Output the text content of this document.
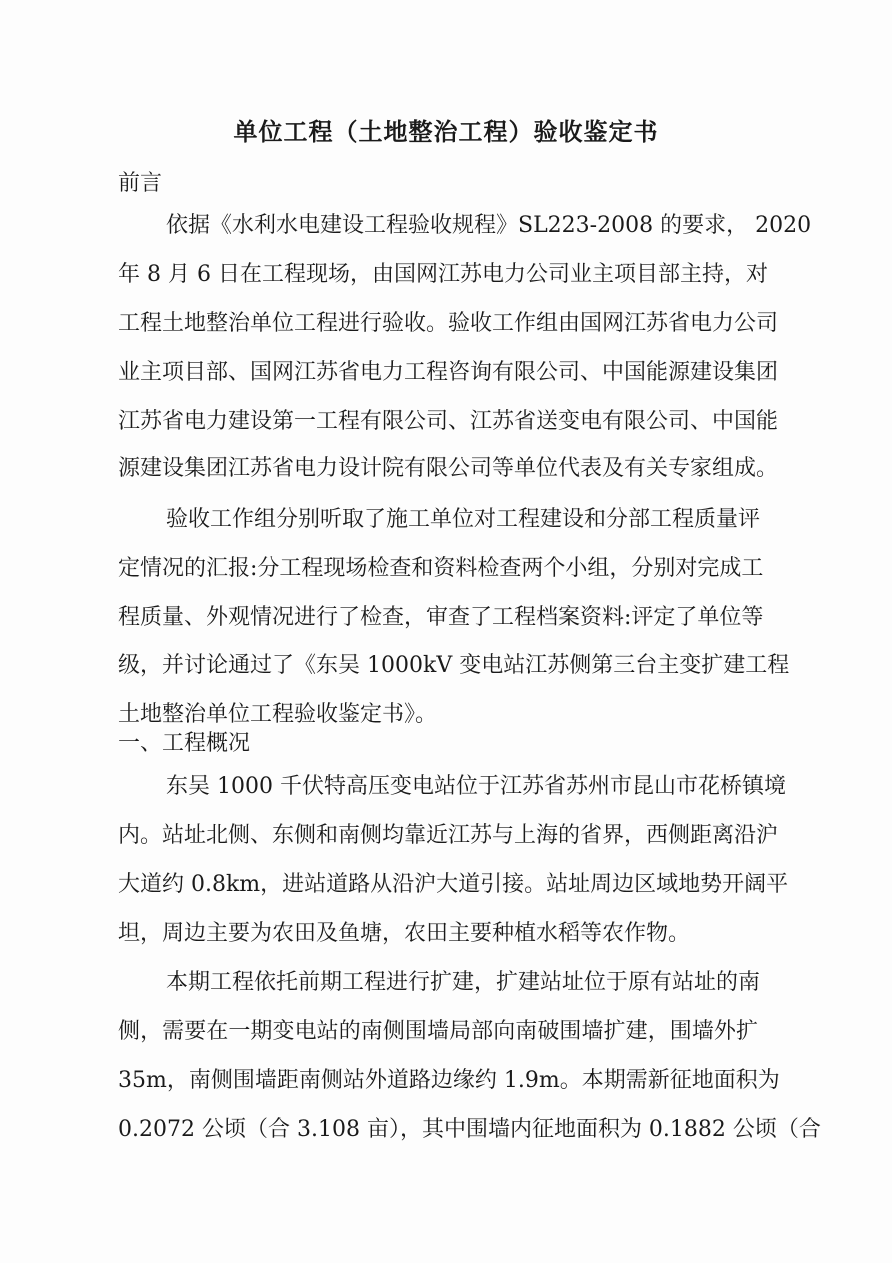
单位工程（土地整治工程）验收鉴定书
前言
依据《水利水电建设工程验收规程》SL223-2008 的要求， 2020
年 8 月 6 日在工程现场，由国网江苏电力公司业主项目部主持，对
工程土地整治单位工程进行验收。验收工作组由国网江苏省电力公司
业主项目部、国网江苏省电力工程咨询有限公司、中国能源建设集团
江苏省电力建设第一工程有限公司、江苏省送变电有限公司、中国能
源建设集团江苏省电力设计院有限公司等单位代表及有关专家组成。
验收工作组分别听取了施工单位对工程建设和分部工程质量评
定情况的汇报:分工程现场检查和资料检查两个小组，分别对完成工
程质量、外观情况进行了检查，审查了工程档案资料:评定了单位等
级，并讨论通过了《东吴 1000kV 变电站江苏侧第三台主变扩建工程
土地整治单位工程验收鉴定书》。
一、工程概况
东吴 1000 千伏特高压变电站位于江苏省苏州市昆山市花桥镇境
内。站址北侧、东侧和南侧均靠近江苏与上海的省界，西侧距离沿沪
大道约 0.8km，进站道路从沿沪大道引接。站址周边区域地势开阔平
坦，周边主要为农田及鱼塘，农田主要种植水稻等农作物。
本期工程依托前期工程进行扩建，扩建站址位于原有站址的南
侧，需要在一期变电站的南侧围墙局部向南破围墙扩建，围墙外扩
35m，南侧围墙距南侧站外道路边缘约 1.9m。本期需新征地面积为
0.2072 公顷（合 3.108 亩），其中围墙内征地面积为 0.1882 公顷（合
